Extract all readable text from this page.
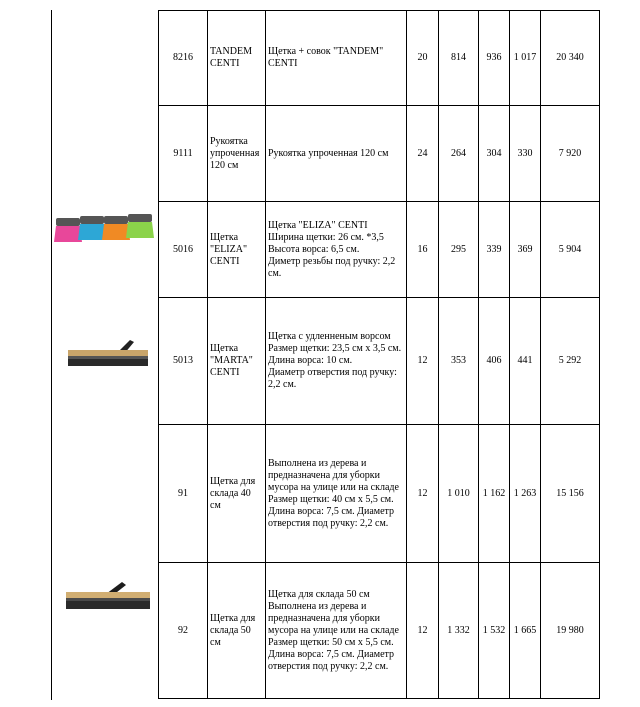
8216	TANDEM CENTI	Щетка + совок "TANDEM" CENTI	20	814	936	1 017	20 340
9111	Рукоятка упроченная 120 см	Рукоятка упроченная 120 см	24	264	304	330	7 920
5016	Щетка "ELIZA" CENTI	Щетка "ELIZA" CENTI
Ширина щетки: 26 см. *3,5
Высота ворса: 6,5 см.
Диметр резьбы под ручку: 2,2 см.	16	295	339	369	5 904
5013	Щетка "MARTA" CENTI	Щетка с удленненым ворсом
Размер щетки: 23,5 см х 3,5 см.
Длина ворса: 10 см.
Диаметр отверстия под ручку: 2,2 см.	12	353	406	441	5 292
91	Щетка для склада 40 см	Выполнена из дерева и предназначена для уборки мусора на улице или на складе
Размер щетки: 40 см х 5,5 см.
Длина ворса: 7,5 см. Диаметр отверстия под ручку: 2,2 см.	12	1 010	1 162	1 263	15 156
92	Щетка для склада 50 см	Щетка для склада 50 см
Выполнена из дерева и предназначена для уборки мусора на улице или на складе
Размер щетки: 50 см х 5,5 см.
Длина ворса: 7,5 см. Диаметр отверстия под ручку: 2,2 см.	12	1 332	1 532	1 665	19 980
